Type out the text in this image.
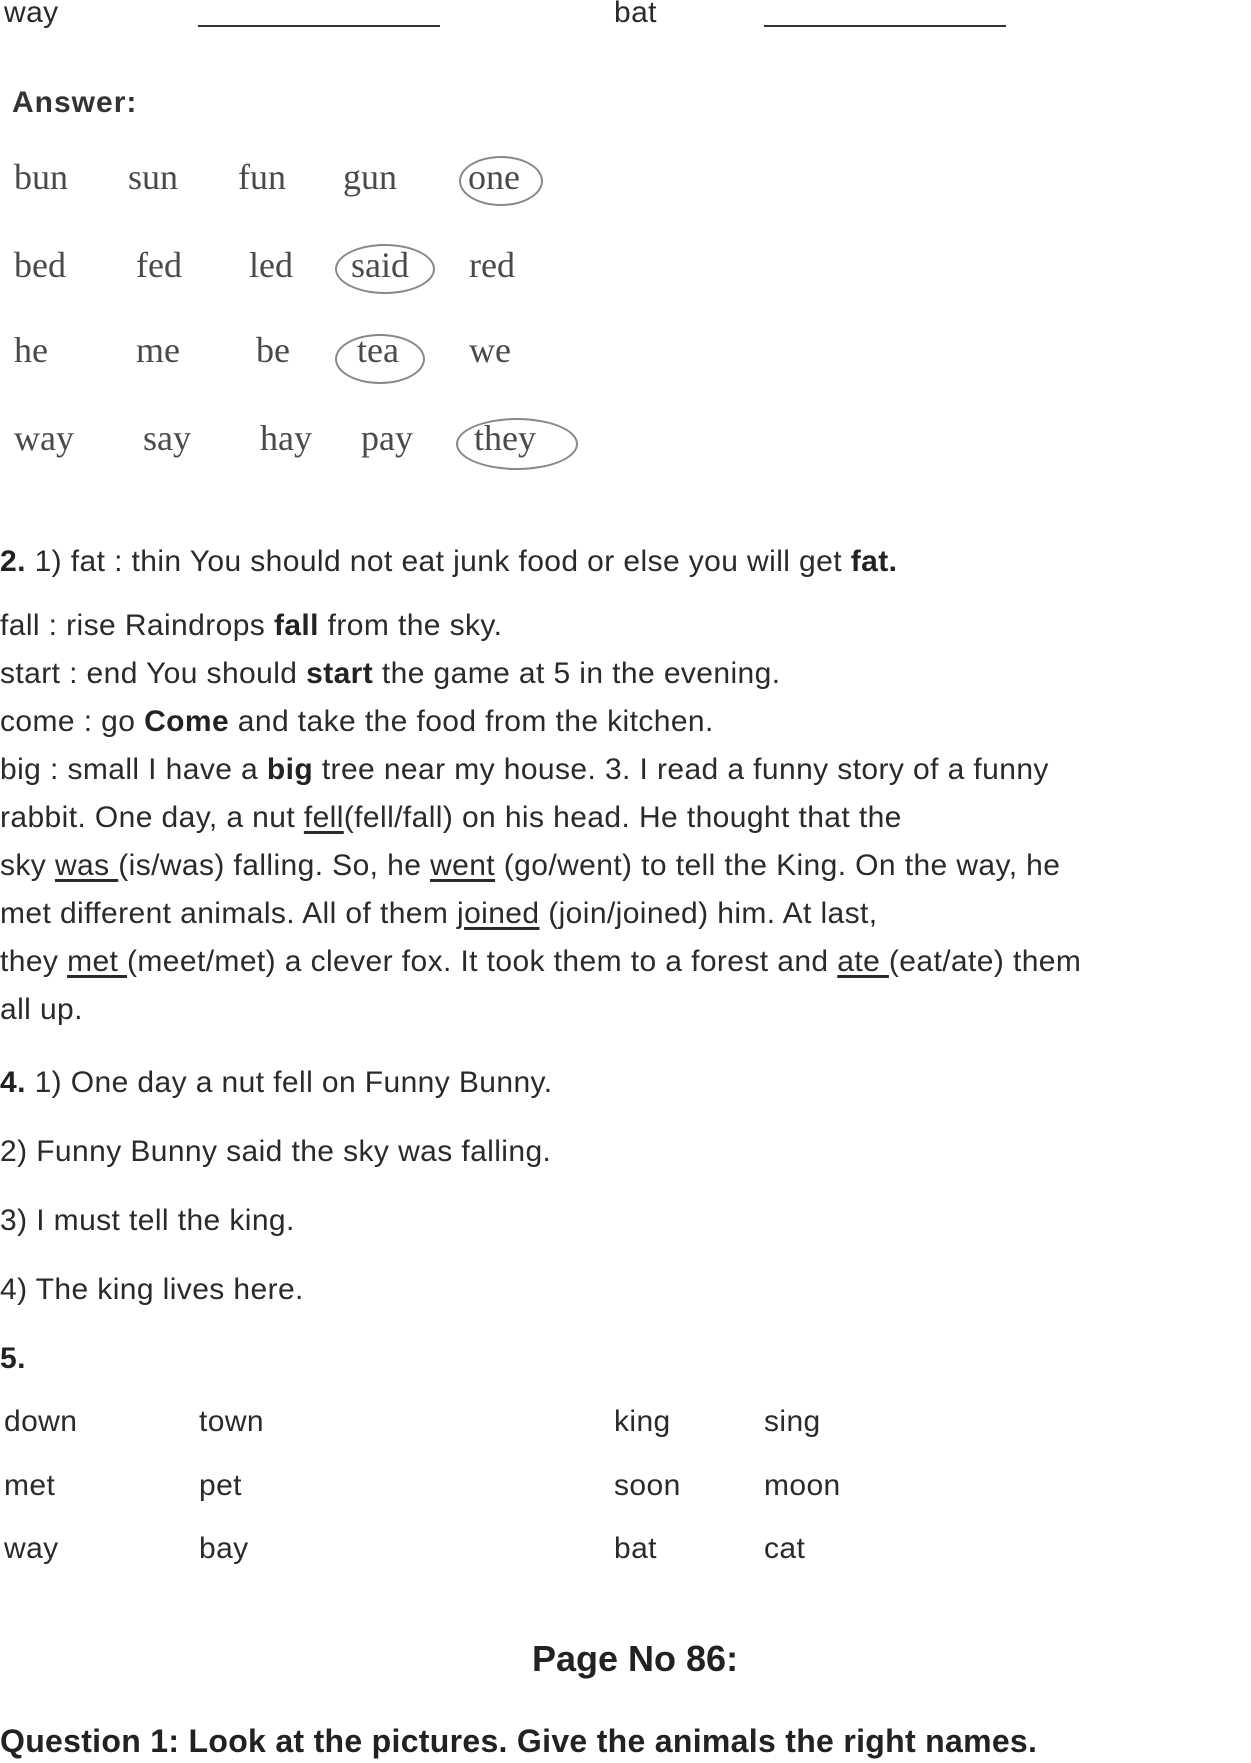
way	bat
Answer:
bun sun fun gun one
bed fed led said red
he me be tea we
way say hay pay they
2. 1) fat : thin You should not eat junk food or else you will get fat.
fall : rise Raindrops fall from the sky.
start : end You should start the game at 5 in the evening.
come : go Come and take the food from the kitchen.
big : small I have a big tree near my house. 3. I read a funny story of a funny
rabbit. One day, a nut fell(fell/fall) on his head. He thought that the
sky was (is/was) falling. So, he went (go/went) to tell the King. On the way, he
met different animals. All of them joined (join/joined) him. At last,
they met (meet/met) a clever fox. It took them to a forest and ate (eat/ate) them
all up.
4. 1) One day a nut fell on Funny Bunny.
2) Funny Bunny said the sky was falling.
3) I must tell the king.
4) The king lives here.
5.
down	town	king	sing
met	pet	soon	moon
way	bay	bat	cat
Page No 86:
Question 1: Look at the pictures. Give the animals the right names.
